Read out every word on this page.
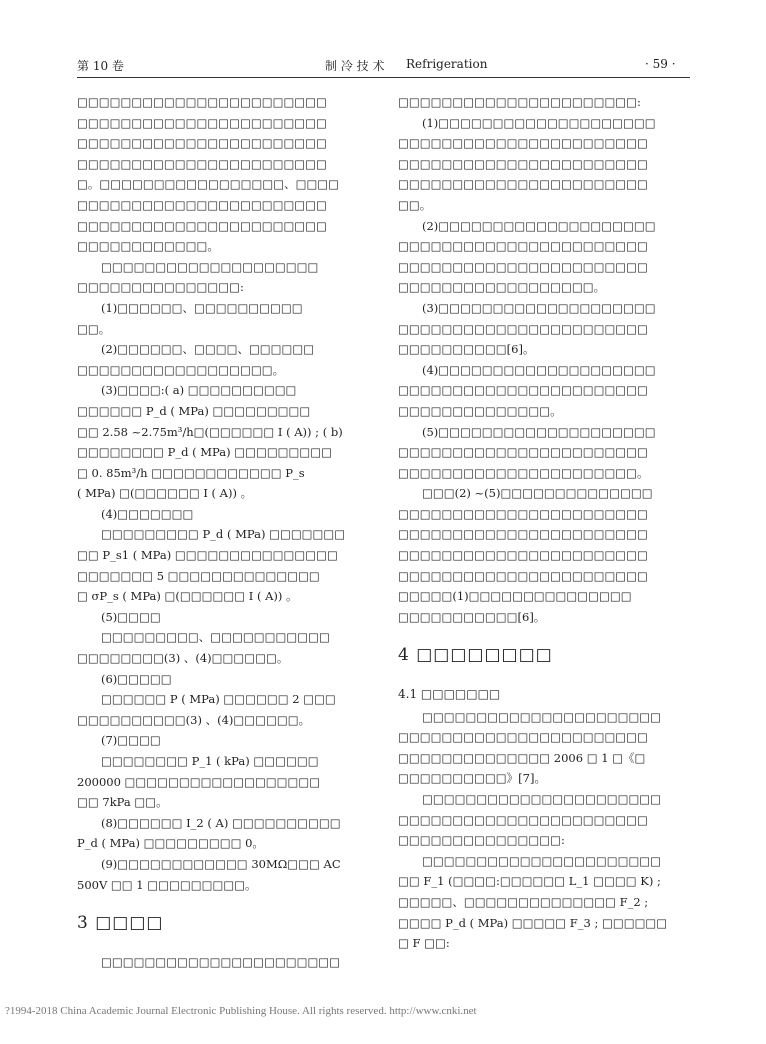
第 10 卷	制 冷 技 术 Refrigeration	· 59 ·

□□□□□□□□□□□□□□□□□□□□□□□

□□□□□□□□□□□□□□□□□□□□□□□

□□□□□□□□□□□□□□□□□□□□□□□

□□□□□□□□□□□□□□□□□□□□□□□

□。□□□□□□□□□□□□□□□□□、□□□□

□□□□□□□□□□□□□□□□□□□□□□□

□□□□□□□□□□□□□□□□□□□□□□□

□□□□□□□□□□□□。

□□□□□□□□□□□□□□□□□□□□

□□□□□□□□□□□□□□□:

(1)□□□□□□、□□□□□□□□□□

□□。

(2)□□□□□□、□□□□、□□□□□□

□□□□□□□□□□□□□□□□□□。

(3)□□□□:( a) □□□□□□□□□□

□□□□□□ P_d ( MPa) □□□□□□□□□

□□ 2.58 ~2.75m³/h□(□□□□□□ I ( A)) ; ( b)

□□□□□□□□ P_d ( MPa) □□□□□□□□□

□ 0. 85m³/h □□□□□□□□□□□□ P_s

( MPa) □(□□□□□□ I ( A)) 。

(4)□□□□□□□

□□□□□□□□□ P_d ( MPa) □□□□□□□

□□ P_s1 ( MPa) □□□□□□□□□□□□□□□

□□□□□□□ 5 □□□□□□□□□□□□□□

□ σP_s ( MPa) □(□□□□□□ I ( A)) 。

(5)□□□□

□□□□□□□□□、□□□□□□□□□□□

□□□□□□□□(3) 、(4)□□□□□□。

(6)□□□□□

□□□□□□ P ( MPa) □□□□□□ 2 □□□

□□□□□□□□□□(3) 、(4)□□□□□□。

(7)□□□□

□□□□□□□□ P_1 ( kPa) □□□□□□

200000 □□□□□□□□□□□□□□□□□□

□□ 7kPa □□。

(8)□□□□□□ I_2 ( A) □□□□□□□□□□

P_d ( MPa) □□□□□□□□□ 0。

(9)□□□□□□□□□□□□ 30MΩ□□□ AC

500V □□ 1 □□□□□□□□□。

3 □□□□

□□□□□□□□□□□□□□□□□□□□□□

□□□□□□□□□□□□□□□□□□□□□□:

(1)□□□□□□□□□□□□□□□□□□□□

□□□□□□□□□□□□□□□□□□□□□□□

□□□□□□□□□□□□□□□□□□□□□□□

□□□□□□□□□□□□□□□□□□□□□□□

□□。

(2)□□□□□□□□□□□□□□□□□□□□

□□□□□□□□□□□□□□□□□□□□□□□

□□□□□□□□□□□□□□□□□□□□□□□

□□□□□□□□□□□□□□□□□□。

(3)□□□□□□□□□□□□□□□□□□□□

□□□□□□□□□□□□□□□□□□□□□□□

□□□□□□□□□□[6]。

(4)□□□□□□□□□□□□□□□□□□□□

□□□□□□□□□□□□□□□□□□□□□□□

□□□□□□□□□□□□□□。

(5)□□□□□□□□□□□□□□□□□□□□

□□□□□□□□□□□□□□□□□□□□□□□

□□□□□□□□□□□□□□□□□□□□□□。

□□□(2) ~(5)□□□□□□□□□□□□□□

□□□□□□□□□□□□□□□□□□□□□□□

□□□□□□□□□□□□□□□□□□□□□□□

□□□□□□□□□□□□□□□□□□□□□□□

□□□□□□□□□□□□□□□□□□□□□□□

□□□□□(1)□□□□□□□□□□□□□□□

□□□□□□□□□□□[6]。

4 □□□□□□□□

4.1 □□□□□□□

□□□□□□□□□□□□□□□□□□□□□□

□□□□□□□□□□□□□□□□□□□□□□□

□□□□□□□□□□□□□□ 2006 □ 1 □《□

□□□□□□□□□□》[7]。

□□□□□□□□□□□□□□□□□□□□□□

□□□□□□□□□□□□□□□□□□□□□□□

□□□□□□□□□□□□□□□:

□□□□□□□□□□□□□□□□□□□□□□

□□ F_1 (□□□□:□□□□□□ L_1 □□□□ K) ;

□□□□□、□□□□□□□□□□□□□□ F_2 ;

□□□□ P_d ( MPa) □□□□□ F_3 ; □□□□□□

□ F □□:

?1994-2018 China Academic Journal Electronic Publishing House. All rights reserved. http://www.cnki.net
